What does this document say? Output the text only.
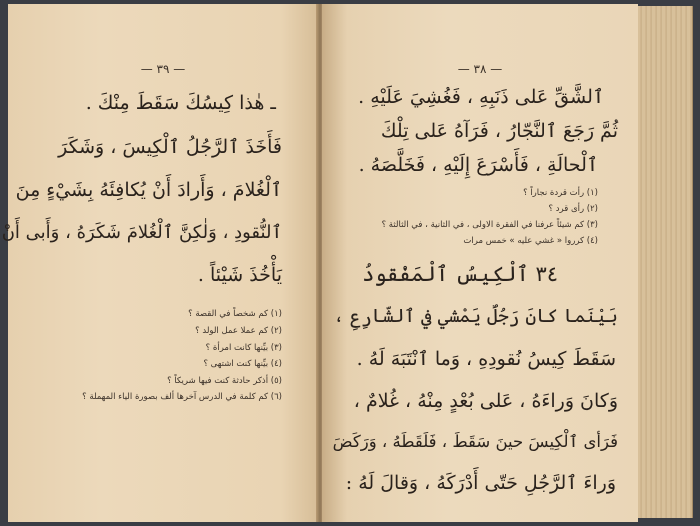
— ٣٩ —
ـ هٰذا كِيسُكَ سَقَطَ مِنْكَ .
فَأَخَذَ ٱلرَّجُلُ ٱلْكِيسَ ، وَشَكَرَ
ٱلْغُلامَ ، وَأَرادَ أَنْ يُكافِئَهُ بِشَيْءٍ مِنَ
ٱلنُّقودِ ، وَلٰكِنَّ ٱلْغُلامَ شَكَرَهُ ، وَأَبى أَنْ
يَأْخُذَ شَيْئاً .
(١) كم شخصاً في القصة ؟
(٢) كم عملا عمل الولد ؟
(٣) بيِّنها كانت امرأة ؟
(٤) بيِّنها كنت اشتهى ؟
(٥) أذكر حادثة كنت فيها شريكاً ؟
(٦) كم كلمة في الدرس آخرها ألف بصورة الياء المهملة ؟
— ٣٨ —
ٱلشَّقِّ عَلى ذَنَبِهِ ، فَغُشِيَ عَلَيْهِ .
ثُمَّ رَجَعَ ٱلنَّجّارُ ، فَرَآهُ عَلى تِلْكَ
ٱلْحالَةِ ، فَأَسْرَعَ إِلَيْهِ ، فَخَلَّصَهُ .
(١) رأت قردة نجاراً ؟
(٢) رأى قرد ؟
(٣) كم شيئاً عرفنا في الفقرة الاولى ، في الثانية ، في الثالثة ؟
(٤) كرروا « غشي عليه » خمس مرات
٣٤ ٱلْكِيسُ ٱلْمَفْقودُ
بَيْنَما كانَ رَجُلٌ يَمْشي في ٱلشّارِعِ ،
سَقَطَ كِيسُ نُقودِهِ ، وَما ٱنْتَبَهَ لَهُ .
وَكانَ وَراءَهُ ، عَلى بُعْدٍ مِنْهُ ، غُلامٌ ،
فَرَأى ٱلْكِيسَ حينَ سَقَطَ ، فَلَقَطَهُ ، وَرَكَضَ
وَراءَ ٱلرَّجُلِ حَتّى أَدْرَكَهُ ، وَقالَ لَهُ :
